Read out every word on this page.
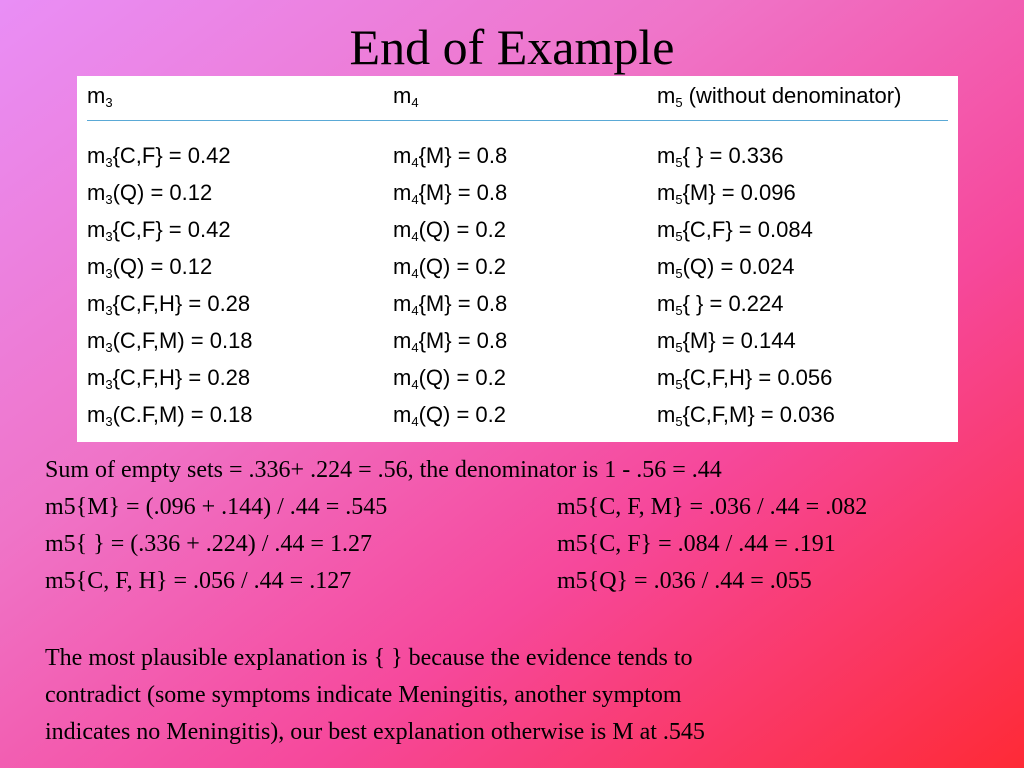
End of Example
$m_3$	$m_4$	$m_5$ (without denominator)
$m_3\{C,F\} = 0.42$	$m_4\{M\} = 0.8$	$m_5${ } = 0.336
$m_3(Q) = 0.12$	$m_4\{M\} = 0.8$	$m_5\{M\} = 0.096$
$m_3\{C,F\} = 0.42$	$m_4(Q) = 0.2$	$m_5\{C,F\} = 0.084$
$m_3(Q) = 0.12$	$m_4(Q) = 0.2$	$m_5(Q) = 0.024$
$m_3\{C,F,H\} = 0.28$	$m_4\{M\} = 0.8$	$m_5${ } = 0.224
$m_3(C,F,M) = 0.18$	$m_4\{M\} = 0.8$	$m_5\{M\} = 0.144$
$m_3\{C,F,H\} = 0.28$	$m_4(Q) = 0.2$	$m_5\{C,F,H\} = 0.056$
$m_3(C.F,M) = 0.18$	$m_4(Q) = 0.2$	$m_5\{C,F,M\} = 0.036$
Sum of empty sets = .336+ .224 = .56, the denominator is 1 - .56 = .44
m5{M} = (.096 + .144) / .44 = .545
m5{ } = (.336 + .224) / .44 = 1.27
m5{C, F, H} = .056 / .44 = .127
m5{C, F, M} = .036 / .44 = .082
m5{C, F} = .084 / .44 = .191
m5{Q} = .036 / .44 = .055
The most plausible explanation is { } because the evidence tends to
contradict (some symptoms indicate Meningitis, another symptom
indicates no Meningitis), our best explanation otherwise is M at .545
